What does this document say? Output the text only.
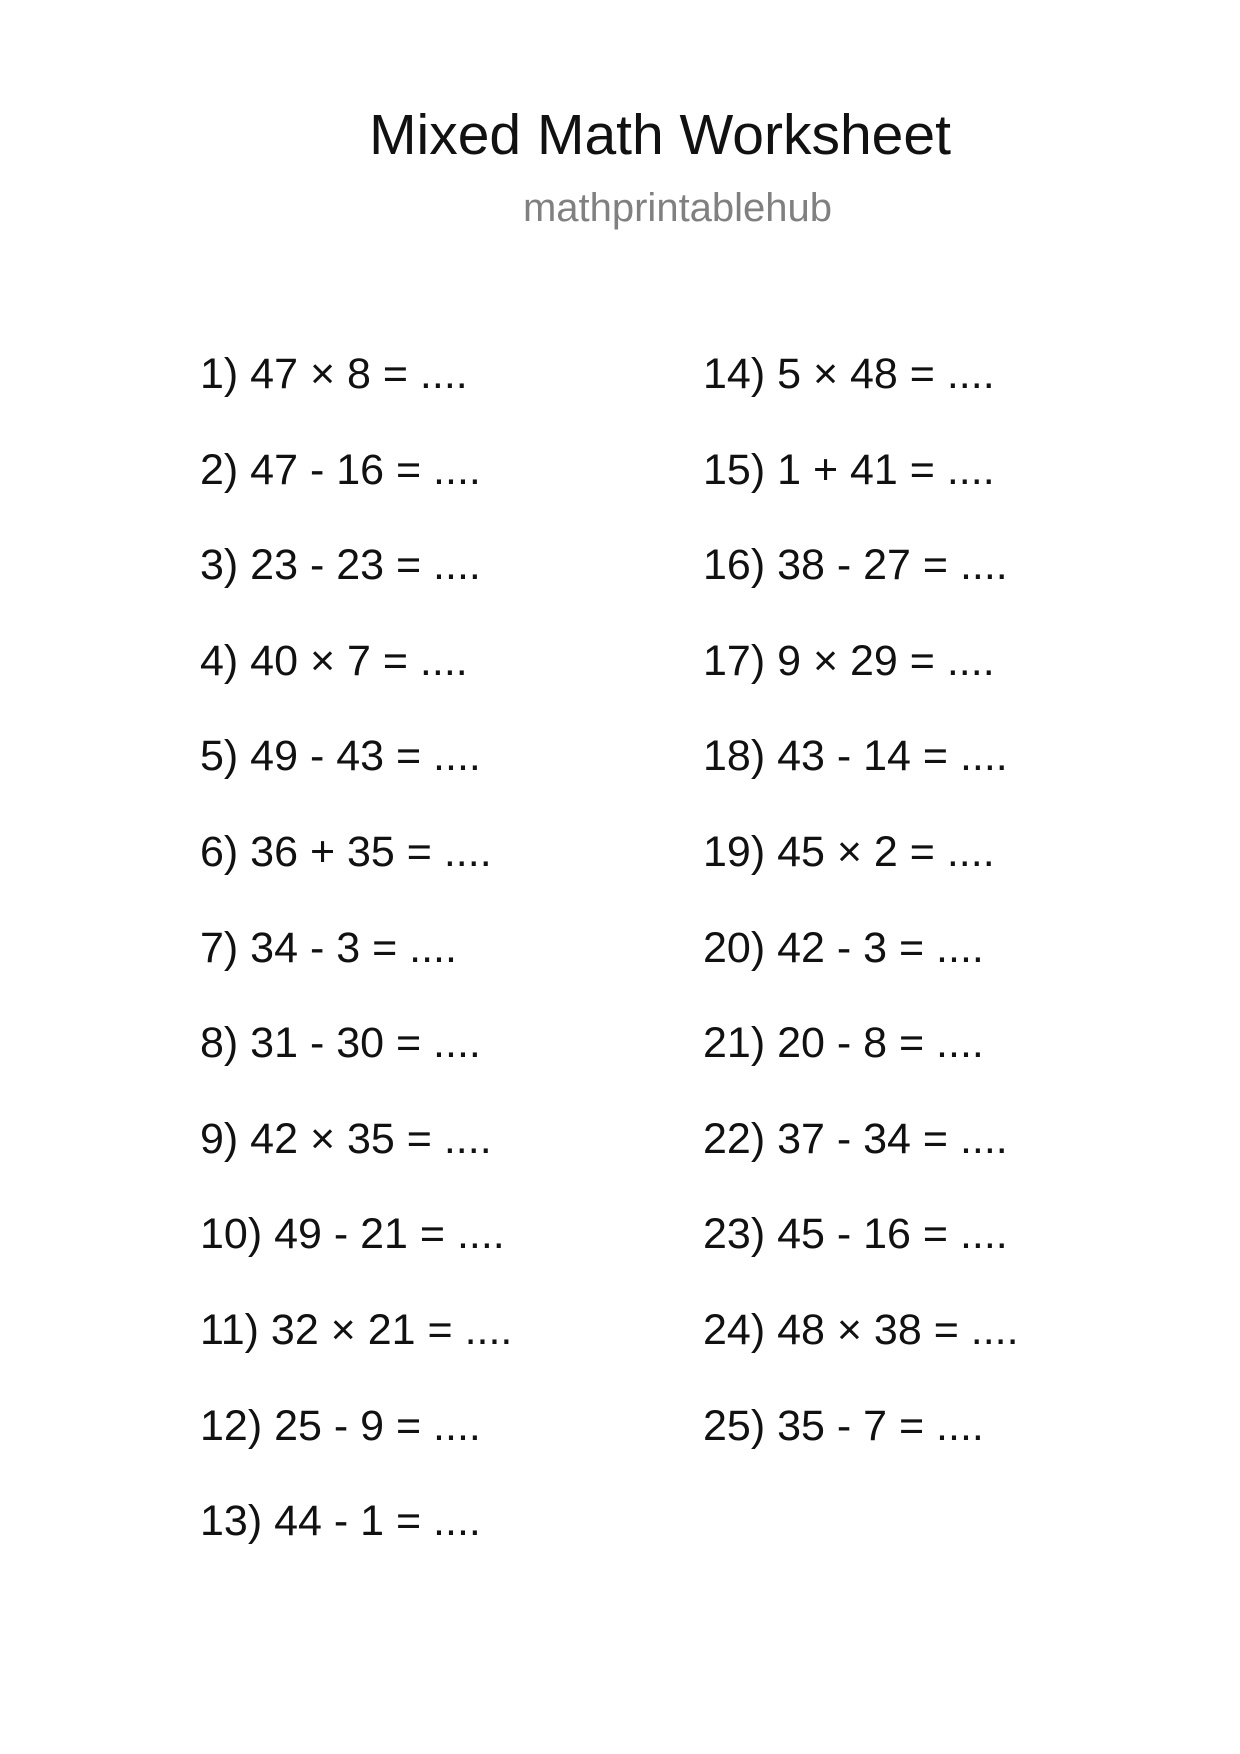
Mixed Math Worksheet
mathprintablehub
1) 47 × 8 = ....
2) 47 - 16 = ....
3) 23 - 23 = ....
4) 40 × 7 = ....
5) 49 - 43 = ....
6) 36 + 35 = ....
7) 34 - 3 = ....
8) 31 - 30 = ....
9) 42 × 35 = ....
10) 49 - 21 = ....
11) 32 × 21 = ....
12) 25 - 9 = ....
13) 44 - 1 = ....
14) 5 × 48 = ....
15) 1 + 41 = ....
16) 38 - 27 = ....
17) 9 × 29 = ....
18) 43 - 14 = ....
19) 45 × 2 = ....
20) 42 - 3 = ....
21) 20 - 8 = ....
22) 37 - 34 = ....
23) 45 - 16 = ....
24) 48 × 38 = ....
25) 35 - 7 = ....
